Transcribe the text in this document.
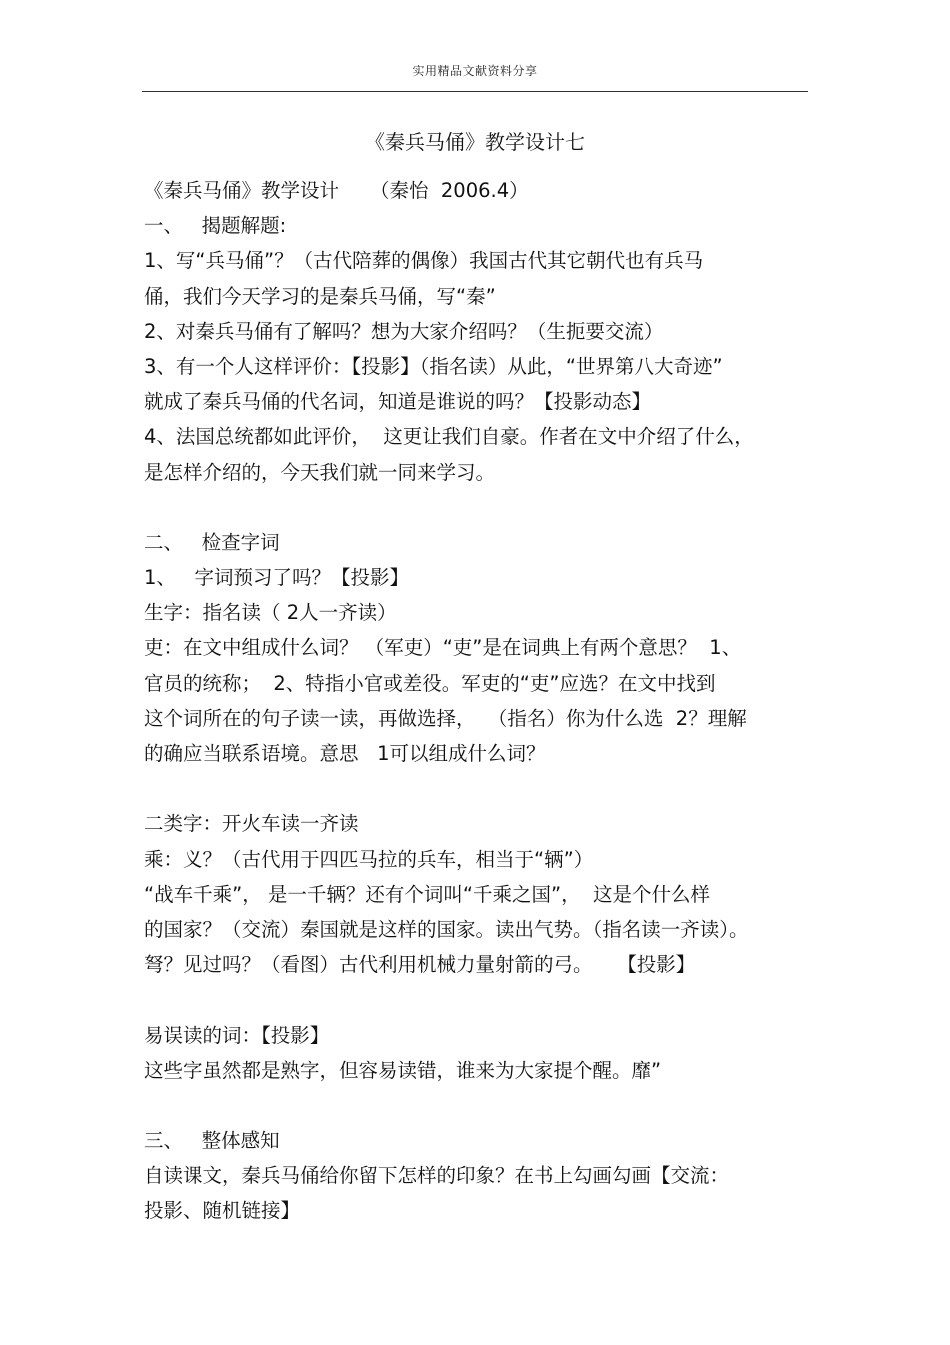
实用精品文献资料分享
《秦兵马俑》教学设计七
《秦兵马俑》教学设计     （秦怡  2006.4）
一、   揭题解题:
1、写“兵马俑”？（古代陪葬的偶像）我国古代其它朝代也有兵马
俑，我们今天学习的是秦兵马俑，写“秦”
2、对秦兵马俑有了解吗？想为大家介绍吗？（生扼要交流）
3、有一个人这样评价：【投影】（指名读）从此，“世界第八大奇迹”
就成了秦兵马俑的代名词，知道是谁说的吗？【投影动态】
4、法国总统都如此评价，  这更让我们自豪。作者在文中介绍了什么，
是怎样介绍的，今天我们就一同来学习。
二、   检查字词
1、   字词预习了吗？【投影】
生字：指名读（ 2人一齐读）
吏：在文中组成什么词？ （军吏）“吏”是在词典上有两个意思？  1、
官员的统称；  2、特指小官或差役。军吏的“吏”应选？在文中找到
这个词所在的句子读一读，再做选择，  （指名）你为什么选  2？理解
的确应当联系语境。意思   1可以组成什么词？
二类字：开火车读一齐读
乘：义？（古代用于四匹马拉的兵车，相当于“辆”）
“战车千乘”， 是一千辆？还有个词叫“千乘之国”，  这是个什么样
的国家？（交流）秦国就是这样的国家。读出气势。（指名读一齐读）。
弩？见过吗？（看图）古代利用机械力量射箭的弓。    【投影】
易误读的词：【投影】
这些字虽然都是熟字，但容易读错，谁来为大家提个醒。靡”
三、   整体感知
自读课文，秦兵马俑给你留下怎样的印象？在书上勾画勾画【交流：
投影、随机链接】
